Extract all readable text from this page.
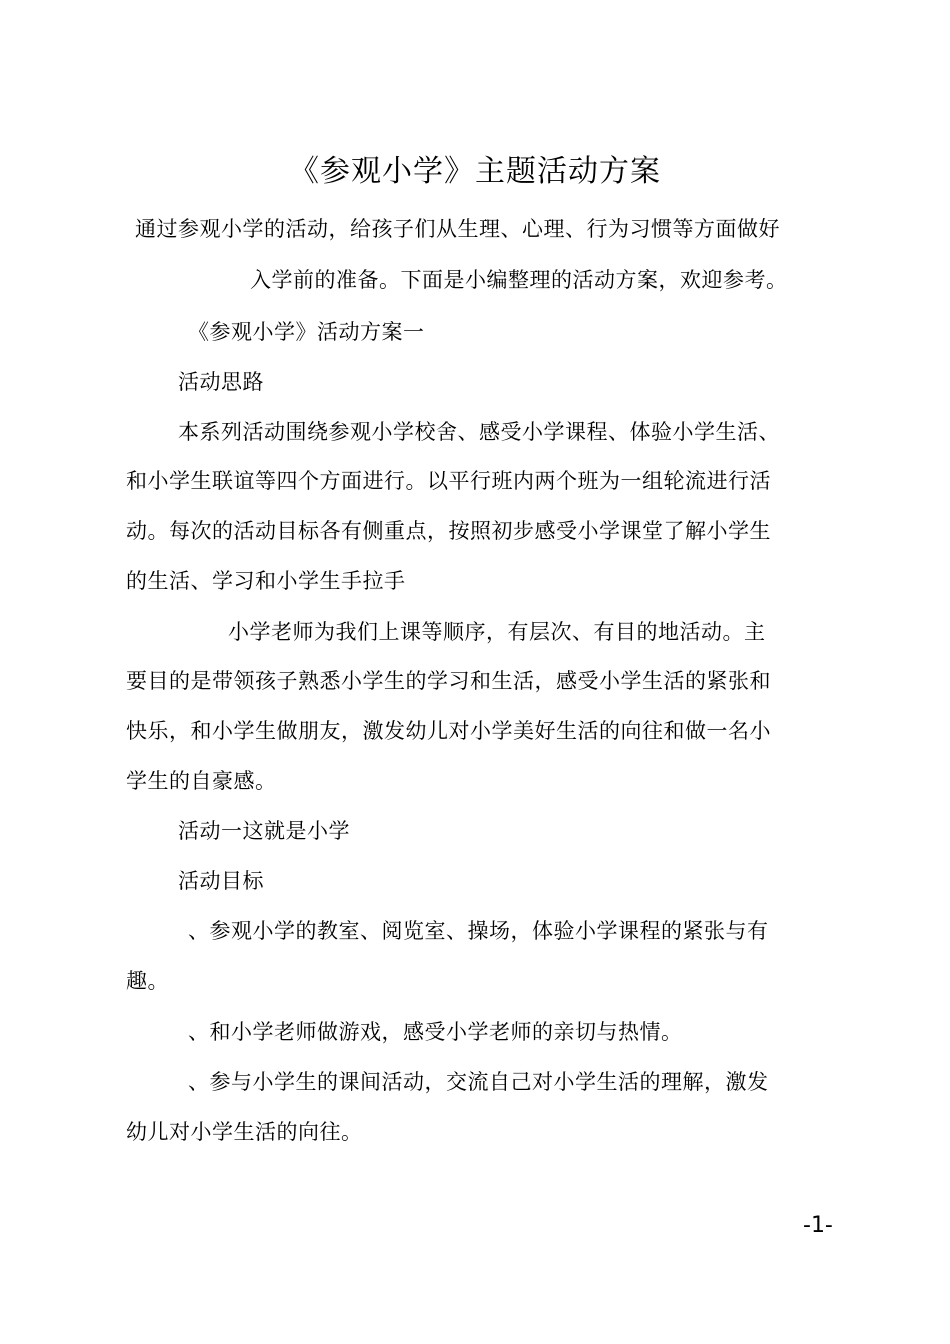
《参观小学》主题活动方案
通过参观小学的活动，给孩子们从生理、心理、行为习惯等方面做好
入学前的准备。下面是小编整理的活动方案，欢迎参考。
《参观小学》活动方案一
活动思路
本系列活动围绕参观小学校舍、感受小学课程、体验小学生活、
和小学生联谊等四个方面进行。以平行班内两个班为一组轮流进行活
动。每次的活动目标各有侧重点，按照初步感受小学课堂了解小学生
的生活、学习和小学生手拉手
小学老师为我们上课等顺序，有层次、有目的地活动。主
要目的是带领孩子熟悉小学生的学习和生活，感受小学生活的紧张和
快乐，和小学生做朋友，激发幼儿对小学美好生活的向往和做一名小
学生的自豪感。
活动一这就是小学
活动目标
、参观小学的教室、阅览室、操场，体验小学课程的紧张与有
趣。
、和小学老师做游戏，感受小学老师的亲切与热情。
、参与小学生的课间活动，交流自己对小学生活的理解，激发
幼儿对小学生活的向往。
-1-
